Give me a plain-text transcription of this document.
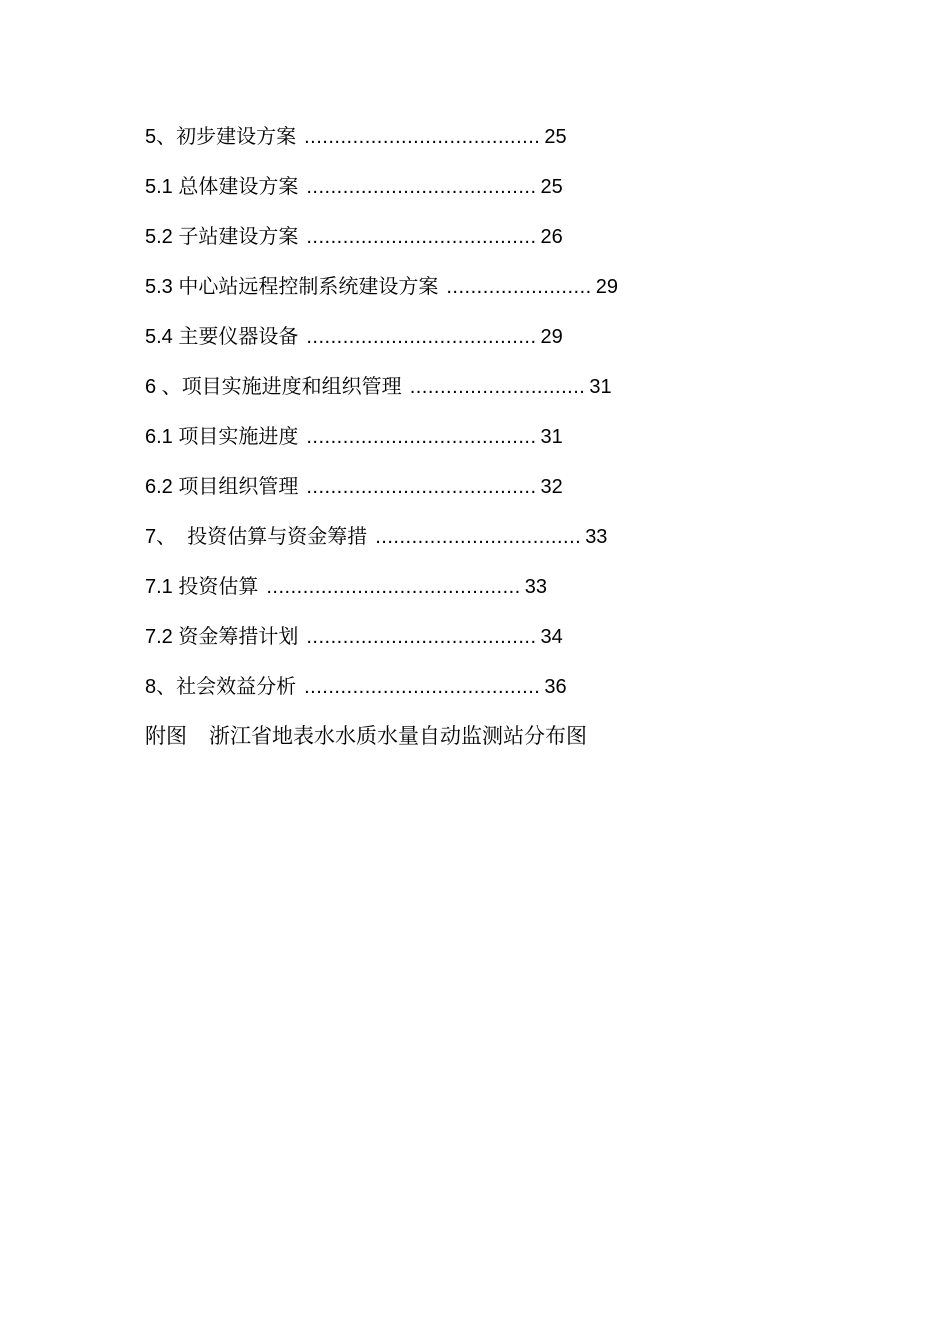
5、初步建设方案 ....................................... 25
5.1 总体建设方案 ...................................... 25
5.2 子站建设方案 ...................................... 26
5.3 中心站远程控制系统建设方案 ........................ 29
5.4 主要仪器设备 ...................................... 29
6 、项目实施进度和组织管理 ............................. 31
6.1 项目实施进度 ...................................... 31
6.2 项目组织管理 ...................................... 32
7、  投资估算与资金筹措 .................................. 33
7.1 投资估算 .......................................... 33
7.2 资金筹措计划 ...................................... 34
8、社会效益分析 ....................................... 36
附图 浙江省地表水水质水量自动监测站分布图
